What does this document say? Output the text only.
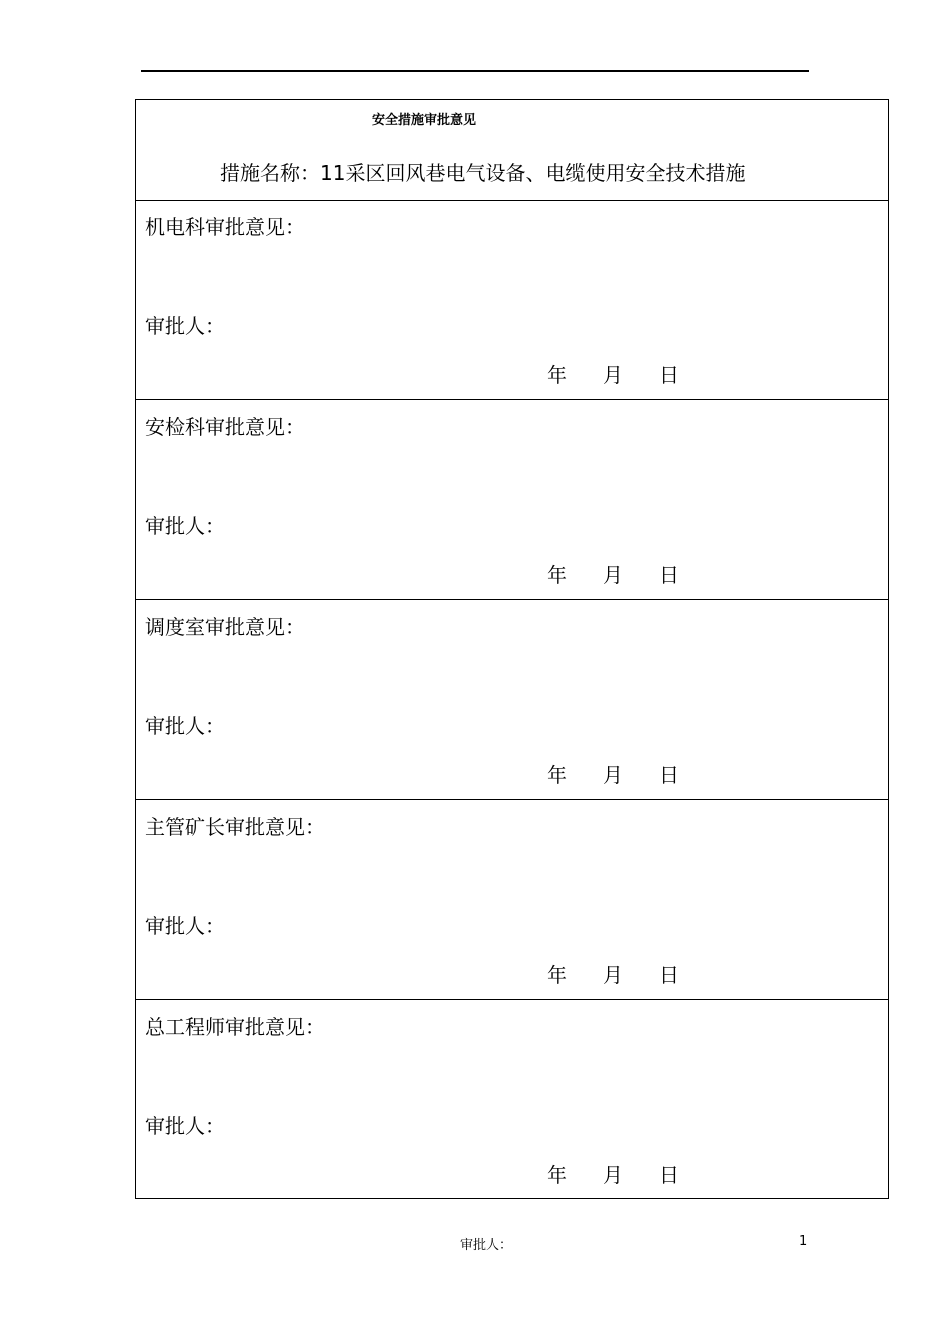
安全措施审批意见
措施名称：11采区回风巷电气设备、电缆使用安全技术措施
机电科审批意见：
审批人：
年 月 日
安检科审批意见：
审批人：
年 月 日
调度室审批意见：
审批人：
年 月 日
主管矿长审批意见：
审批人：
年 月 日
总工程师审批意见：
审批人：
年 月 日
审批人：	1
